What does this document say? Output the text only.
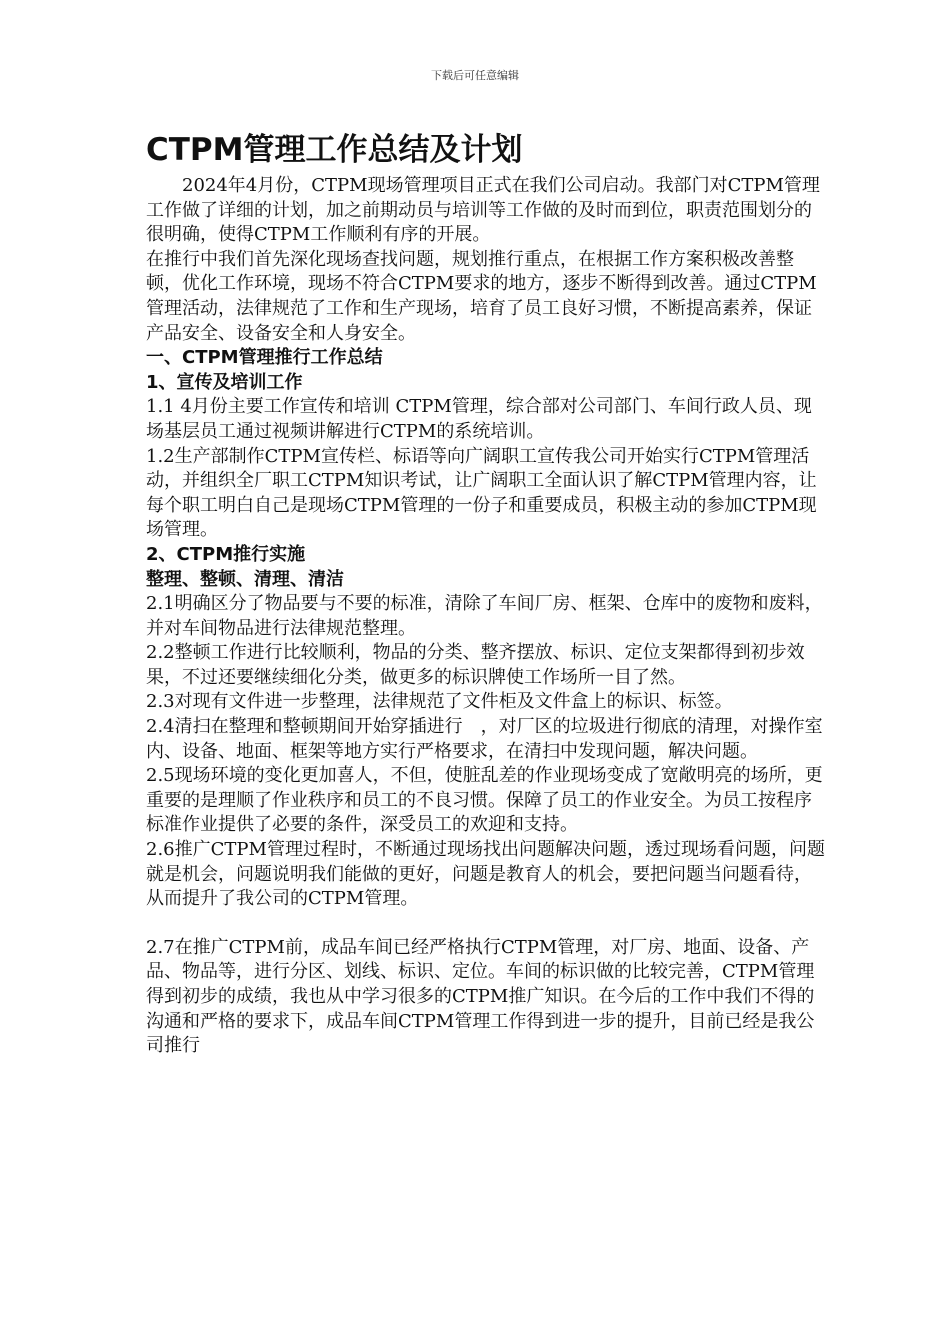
下载后可任意编辑
CTPM管理工作总结及计划

2024年4月份，CTPM现场管理项目正式在我们公司启动。我部门对CTPM管理工作做了详细的计划，加之前期动员与培训等工作做的及时而到位，职责范围划分的很明确，使得CTPM工作顺利有序的开展。

在推行中我们首先深化现场查找问题，规划推行重点，在根据工作方案积极改善整顿，优化工作环境，现场不符合CTPM要求的地方，逐步不断得到改善。通过CTPM管理活动，法律规范了工作和生产现场，培育了员工良好习惯，不断提高素养，保证产品安全、设备安全和人身安全。

一、CTPM管理推行工作总结

1、宣传及培训工作

1.1 4月份主要工作宣传和培训 CTPM管理，综合部对公司部门、车间行政人员、现场基层员工通过视频讲解进行CTPM的系统培训。

1.2生产部制作CTPM宣传栏、标语等向广阔职工宣传我公司开始实行CTPM管理活动，并组织全厂职工CTPM知识考试，让广阔职工全面认识了解CTPM管理内容，让每个职工明白自己是现场CTPM管理的一份子和重要成员，积极主动的参加CTPM现场管理。

2、CTPM推行实施

整理、整顿、清理、清洁

2.1明确区分了物品要与不要的标准，清除了车间厂房、框架、仓库中的废物和废料，并对车间物品进行法律规范整理。

2.2整顿工作进行比较顺利，物品的分类、整齐摆放、标识、定位支架都得到初步效果，不过还要继续细化分类，做更多的标识牌使工作场所一目了然。

2.3对现有文件进一步整理，法律规范了文件柜及文件盒上的标识、标签。

2.4清扫在整理和整顿期间开始穿插进行　，对厂区的垃圾进行彻底的清理，对操作室内、设备、地面、框架等地方实行严格要求，在清扫中发现问题，解决问题。

2.5现场环境的变化更加喜人，不但，使脏乱差的作业现场变成了宽敞明亮的场所，更重要的是理顺了作业秩序和员工的不良习惯。保障了员工的作业安全。为员工按程序标准作业提供了必要的条件，深受员工的欢迎和支持。

2.6推广CTPM管理过程时，不断通过现场找出问题解决问题，透过现场看问题，问题就是机会，问题说明我们能做的更好，问题是教育人的机会，要把问题当问题看待，从而提升了我公司的CTPM管理。

2.7在推广CTPM前，成品车间已经严格执行CTPM管理，对厂房、地面、设备、产品、物品等，进行分区、划线、标识、定位。车间的标识做的比较完善，CTPM管理得到初步的成绩，我也从中学习很多的CTPM推广知识。在今后的工作中我们不得的沟通和严格的要求下，成品车间CTPM管理工作得到进一步的提升，目前已经是我公司推行
